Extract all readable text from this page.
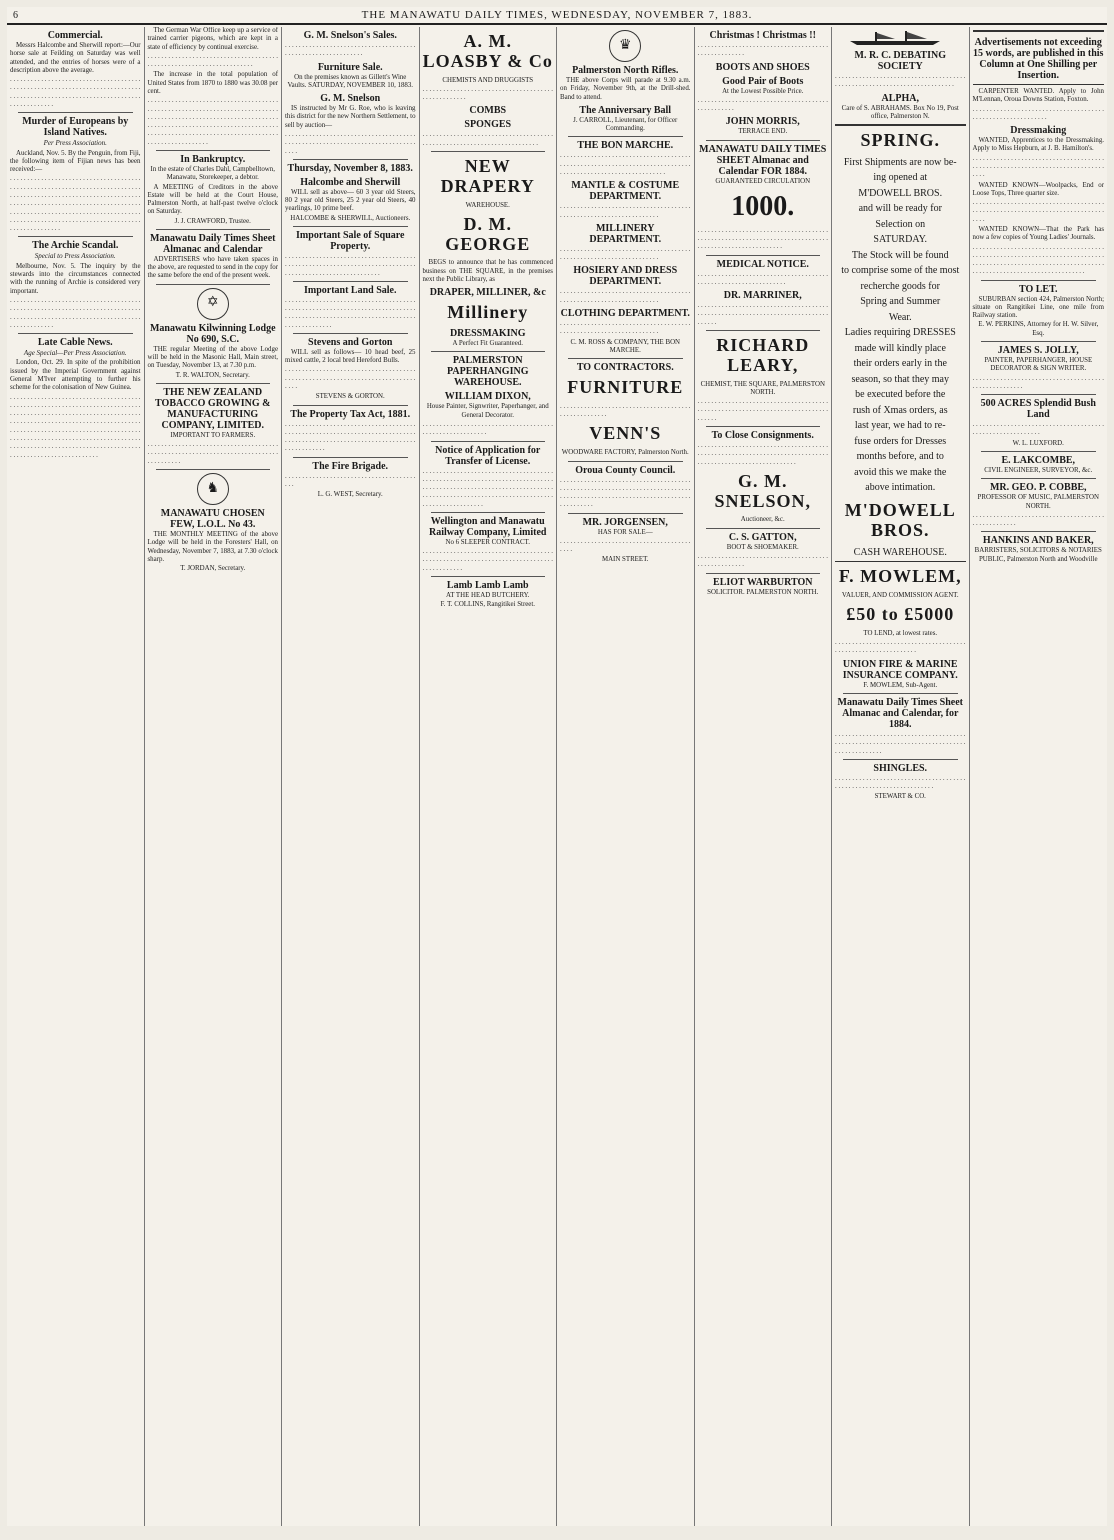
6	THE MANAWATU DAILY TIMES, WEDNESDAY, NOVEMBER 7, 1883.
Commercial.
Messrs Halcombe and Sherwill report:—Our horse sale at Feilding on Saturday was well attended, and the entries of horses were of a description above the average.
. . . . . . . . . . . . . . . . . . . . . . . . . . . . . . . . . . . . . . . . . . . . . . . . . . . . . . . . . . . . . . . . . . . . . . . . . . . . . . . . . . . . . . . . . . . . . . . . . . . . . . . . . . . . . . . . . . . . . . . . . . . . . . .
Murder of Europeans by Island Natives.
Per Press Association.
Auckland, Nov. 5. By the Penguin, from Fiji, the following item of Fijian news has been received:—
. . . . . . . . . . . . . . . . . . . . . . . . . . . . . . . . . . . . . . . . . . . . . . . . . . . . . . . . . . . . . . . . . . . . . . . . . . . . . . . . . . . . . . . . . . . . . . . . . . . . . . . . . . . . . . . . . . . . . . . . . . . . . . . . . . . . . . . . . . . . . . . . . . . . . . . . . . . . . . . . . . . . . . . . . . . . . . . . . . . . . . . . . . . . . . . . . . . . . . . . . . . . . . . . . . . . . . . . . . . . . . . . . . . . . . . . . . . . . . . . . . .
The Archie Scandal.
Special to Press Association.
Melbourne, Nov. 5. The inquiry by the stewards into the circumstances connected with the running of Archie is considered very important.
. . . . . . . . . . . . . . . . . . . . . . . . . . . . . . . . . . . . . . . . . . . . . . . . . . . . . . . . . . . . . . . . . . . . . . . . . . . . . . . . . . . . . . . . . . . . . . . . . . . . . . . . . . . . . . . . . . . . . . . . . . . . . . .
Late Cable News.
Age Special—Per Press Association.
London, Oct. 29. In spite of the prohibition issued by the Imperial Government against General M'Iver attempting to further his scheme for the colonisation of New Guinea.
. . . . . . . . . . . . . . . . . . . . . . . . . . . . . . . . . . . . . . . . . . . . . . . . . . . . . . . . . . . . . . . . . . . . . . . . . . . . . . . . . . . . . . . . . . . . . . . . . . . . . . . . . . . . . . . . . . . . . . . . . . . . . . . . . . . . . . . . . . . . . . . . . . . . . . . . . . . . . . . . . . . . . . . . . . . . . . . . . . . . . . . . . . . . . . . . . . . . . . . . . . . . . . . . . . . . . . . . . . . . . . . . . . . . . . . . . . . . . . . . . . . . . . . . . . . . . . . . . . . . . . . . . . . . . . . . . . . . . . . . . . . . . . . . . . . .
The German War Office keep up a service of trained carrier pigeons, which are kept in a state of efficiency by continual exercise.
. . . . . . . . . . . . . . . . . . . . . . . . . . . . . . . . . . . . . . . . . . . . . . . . . . . . . . . . . . . . . . . . . . . . .
The increase in the total population of United States from 1870 to 1880 was 30.08 per cent.
. . . . . . . . . . . . . . . . . . . . . . . . . . . . . . . . . . . . . . . . . . . . . . . . . . . . . . . . . . . . . . . . . . . . . . . . . . . . . . . . . . . . . . . . . . . . . . . . . . . . . . . . . . . . . . . . . . . . . . . . . . . . . . . . . . . . . . . . . . . . . . . . . . . . . . . . . . . . . . . . . . . . . . . . . . . . . . . . . . . . . . . . . . . . . . . . . . . . . . . . . . . . . . . .
In Bankruptcy.
In the estate of Charles Dahl, Campbelltown, Manawatu, Storekeeper, a debtor.
A MEETING of Creditors in the above Estate will be held at the Court House, Palmerston North, at half-past twelve o'clock on Saturday.
J. J. CRAWFORD, Trustee.
Manawatu Daily Times Sheet Almanac and Calendar
ADVERTISERS who have taken spaces in the above, are requested to send in the copy for the same before the end of the present week.
✡
Manawatu Kilwinning Lodge No 690, S.C.
THE regular Meeting of the above Lodge will be held in the Masonic Hall, Main street, on Tuesday, November 13, at 7.30 p.m.
T. R. WALTON, Secretary.
THE NEW ZEALAND TOBACCO GROWING & MANUFACTURING COMPANY, LIMITED.
IMPORTANT TO FARMERS.
. . . . . . . . . . . . . . . . . . . . . . . . . . . . . . . . . . . . . . . . . . . . . . . . . . . . . . . . . . . . . . . . . . . . . . . . . . . . . . . . . . . . . .
♞
MANAWATU CHOSEN FEW, L.O.L. No 43.
THE MONTHLY MEETING of the above Lodge will be held in the Foresters' Hall, on Wednesday, November 7, 1883, at 7.30 o'clock sharp.
T. JORDAN, Secretary.
G. M. Snelson's Sales.
. . . . . . . . . . . . . . . . . . . . . . . . . . . . . . . . . . . . . . . . . . . . . . . . . . . . . . . . . . . . .
Furniture Sale.
On the premises known as Gillett's Wine Vaults. SATURDAY, NOVEMBER 10, 1883.
G. M. Snelson
IS instructed by Mr G. Roe, who is leaving this district for the new Northern Settlement, to sell by auction—
. . . . . . . . . . . . . . . . . . . . . . . . . . . . . . . . . . . . . . . . . . . . . . . . . . . . . . . . . . . . . . . . . . . . . . . . . . . . . . . .
Thursday, November 8, 1883.
Halcombe and Sherwill
WILL sell as above— 60 3 year old Steers, 80 2 year old Steers, 25 2 year old Steers, 40 yearlings, 10 prime beef.
HALCOMBE & SHERWILL, Auctioneers.
Important Sale of Square Property.
. . . . . . . . . . . . . . . . . . . . . . . . . . . . . . . . . . . . . . . . . . . . . . . . . . . . . . . . . . . . . . . . . . . . . . . . . . . . . . . . . . . . . . . . . . . . . . . . . . . . . . . .
Important Land Sale.
. . . . . . . . . . . . . . . . . . . . . . . . . . . . . . . . . . . . . . . . . . . . . . . . . . . . . . . . . . . . . . . . . . . . . . . . . . . . . . . . . . . . . . . . . . . . . . . . . . . . . . . . . . . . . . . . . . . . . . . . . . . . . . . .
Stevens and Gorton
WILL sell as follows— 10 head beef, 25 mixed cattle, 2 local bred Hereford Bulls.
. . . . . . . . . . . . . . . . . . . . . . . . . . . . . . . . . . . . . . . . . . . . . . . . . . . . . . . . . . . . . . . . . . . . . . . . . . . . . . . .
STEVENS & GORTON.
The Property Tax Act, 1881.
. . . . . . . . . . . . . . . . . . . . . . . . . . . . . . . . . . . . . . . . . . . . . . . . . . . . . . . . . . . . . . . . . . . . . . . . . . . . . . . . . . . . . . . . . . . . . . . . . . . . . . . . . . . . . . . . . . . . . . . . . . . . . .
The Fire Brigade.
. . . . . . . . . . . . . . . . . . . . . . . . . . . . . . . . . . . . . . . . .
L. G. WEST, Secretary.
A. M. LOASBY & Co
CHEMISTS AND DRUGGISTS
. . . . . . . . . . . . . . . . . . . . . . . . . . . . . . . . . . . . . . . . . . . . . . . . . . .
COMBS
SPONGES
. . . . . . . . . . . . . . . . . . . . . . . . . . . . . . . . . . . . . . . . . . . . . . . . . . . . . . . . . . . . . . . . . . . . . . . .
NEW DRAPERY
WAREHOUSE.
D. M. GEORGE
BEGS to announce that he has commenced business on THE SQUARE, in the premises next the Public Library, as
DRAPER, MILLINER, &c
Millinery
DRESSMAKING
A Perfect Fit Guaranteed.
PALMERSTON PAPERHANGING WAREHOUSE.
WILLIAM DIXON,
House Painter, Signwriter, Paperhanger, and General Decorator.
. . . . . . . . . . . . . . . . . . . . . . . . . . . . . . . . . . . . . . . . . . . . . . . . . . . . . . . . .
Notice of Application for Transfer of License.
. . . . . . . . . . . . . . . . . . . . . . . . . . . . . . . . . . . . . . . . . . . . . . . . . . . . . . . . . . . . . . . . . . . . . . . . . . . . . . . . . . . . . . . . . . . . . . . . . . . . . . . . . . . . . . . . . . . . . . . . . . . . . . . . . . . . . . . . . . . . . . . . . . . . . . . . . . . . . . . . . . . . . . . . . .
Wellington and Manawatu Railway Company, Limited
No 6 SLEEPER CONTRACT.
. . . . . . . . . . . . . . . . . . . . . . . . . . . . . . . . . . . . . . . . . . . . . . . . . . . . . . . . . . . . . . . . . . . . . . . . . . . . . . . . . . . . . . . .
Lamb Lamb Lamb
AT THE HEAD BUTCHERY.
F. T. COLLINS, Rangitikei Street.
♛
Palmerston North Rifles.
THE above Corps will parade at 9.30 a.m. on Friday, November 9th, at the Drill-shed. Band to attend.
The Anniversary Ball
J. CARROLL, Lieutenant, for Officer Commanding.
THE BON MARCHE.
. . . . . . . . . . . . . . . . . . . . . . . . . . . . . . . . . . . . . . . . . . . . . . . . . . . . . . . . . . . . . . . . . . . . . . . . . . . . . . . . . . . . . . . . . . . . . . . . . . . . . . . . . . .
MANTLE & COSTUME DEPARTMENT.
. . . . . . . . . . . . . . . . . . . . . . . . . . . . . . . . . . . . . . . . . . . . . . . . . . . . . . . . . . . . . . . . . . .
MILLINERY DEPARTMENT.
. . . . . . . . . . . . . . . . . . . . . . . . . . . . . . . . . . . . . . . . . . . . . . . . . . . . . . . . . . . . . . . . . . .
HOSIERY AND DRESS DEPARTMENT.
. . . . . . . . . . . . . . . . . . . . . . . . . . . . . . . . . . . . . . . . . . . . . . . . . . . . . . . . . . . . . . . . . . .
CLOTHING DEPARTMENT.
. . . . . . . . . . . . . . . . . . . . . . . . . . . . . . . . . . . . . . . . . . . . . . . . . . . . . . . . . . . . . . . . . . .
C. M. ROSS & COMPANY, THE BON MARCHE.
TO CONTRACTORS.
FURNITURE
. . . . . . . . . . . . . . . . . . . . . . . . . . . . . . . . . . . . . . . . . . . . . . . . . . . .
VENN'S
WOODWARE FACTORY, Palmerston North.
Oroua County Council.
. . . . . . . . . . . . . . . . . . . . . . . . . . . . . . . . . . . . . . . . . . . . . . . . . . . . . . . . . . . . . . . . . . . . . . . . . . . . . . . . . . . . . . . . . . . . . . . . . . . . . . . . . . . . . . . . . . . . . . . . . . . .
MR. JORGENSEN,
HAS FOR SALE—
. . . . . . . . . . . . . . . . . . . . . . . . . . . . . . . . . . . . . . . . . .
MAIN STREET.
Christmas ! Christmas !!
. . . . . . . . . . . . . . . . . . . . . . . . . . . . . . . . . . . . . . . . . . . . . . . . . . . .
BOOTS AND SHOES
Good Pair of Boots
At the Lowest Possible Price.
. . . . . . . . . . . . . . . . . . . . . . . . . . . . . . . . . . . . . . . . . . . . . . . . .
JOHN MORRIS,
TERRACE END.
MANAWATU DAILY TIMES SHEET Almanac and Calendar FOR 1884.
GUARANTEED CIRCULATION
1000.
. . . . . . . . . . . . . . . . . . . . . . . . . . . . . . . . . . . . . . . . . . . . . . . . . . . . . . . . . . . . . . . . . . . . . . . . . . . . . . . . . . . . . . . . . . . . . . . . . . . . .
MEDICAL NOTICE.
. . . . . . . . . . . . . . . . . . . . . . . . . . . . . . . . . . . . . . . . . . . . . . . . . . . . . . . . . . . . . . . .
DR. MARRINER,
. . . . . . . . . . . . . . . . . . . . . . . . . . . . . . . . . . . . . . . . . . . . . . . . . . . . . . . . . . . . . . . . . . . . . . . . . . . . . . . . . .
RICHARD LEARY,
CHEMIST, THE SQUARE, PALMERSTON NORTH.
. . . . . . . . . . . . . . . . . . . . . . . . . . . . . . . . . . . . . . . . . . . . . . . . . . . . . . . . . . . . . . . . . . . . . . . . . . . . . . . . . .
To Close Consignments.
. . . . . . . . . . . . . . . . . . . . . . . . . . . . . . . . . . . . . . . . . . . . . . . . . . . . . . . . . . . . . . . . . . . . . . . . . . . . . . . . . . . . . . . . . . . . . . . . . . . . . . . . .
G. M. SNELSON,
Auctioneer, &c.
C. S. GATTON,
BOOT & SHOEMAKER.
. . . . . . . . . . . . . . . . . . . . . . . . . . . . . . . . . . . . . . . . . . . . . . . . . . . .
ELIOT WARBURTON
SOLICITOR. PALMERSTON NORTH.
M. R. C. DEBATING SOCIETY
. . . . . . . . . . . . . . . . . . . . . . . . . . . . . . . . . . . . . . . . . . . . . . . . . . . . . . . . . . . . . . . . . . . . . . . . .
ALPHA,
Care of S. ABRAHAMS. Box No 19, Post office, Palmerston N.
SPRING.
First Shipments are now be-
ing opened at
M'DOWELL BROS.
and will be ready for
Selection on
SATURDAY.
The Stock will be found
to comprise some of the most
recherche goods for
Spring and Summer
Wear.
Ladies requiring DRESSES
made will kindly place
their orders early in the
season, so that they may
be executed before the
rush of Xmas orders, as
last year, we had to re-
fuse orders for Dresses
months before, and to
avoid this we make the
above intimation.
M'DOWELL BROS.
CASH WAREHOUSE.
F. MOWLEM,
VALUER, AND COMMISSION AGENT.
£50 to £5000
TO LEND, at lowest rates.
. . . . . . . . . . . . . . . . . . . . . . . . . . . . . . . . . . . . . . . . . . . . . . . . . . . . . . . . . . . . . .
UNION FIRE & MARINE INSURANCE COMPANY.
F. MOWLEM, Sub-Agent.
Manawatu Daily Times Sheet Almanac and Calendar, for 1884.
. . . . . . . . . . . . . . . . . . . . . . . . . . . . . . . . . . . . . . . . . . . . . . . . . . . . . . . . . . . . . . . . . . . . . . . . . . . . . . . . . . . . . . . . . .
SHINGLES.
. . . . . . . . . . . . . . . . . . . . . . . . . . . . . . . . . . . . . . . . . . . . . . . . . . . . . . . . . . . . . . . . . . .
STEWART & CO.
Advertisements not exceeding 15 words, are published in this Column at One Shilling per Insertion.
CARPENTER WANTED. Apply to John M'Lennan, Oroua Downs Station, Foxton.
. . . . . . . . . . . . . . . . . . . . . . . . . . . . . . . . . . . . . . . . . . . . . . . . . . . . . . . . . . . .
Dressmaking
WANTED, Apprentices to the Dressmaking. Apply to Miss Hepburn, at J. B. Hamilton's.
. . . . . . . . . . . . . . . . . . . . . . . . . . . . . . . . . . . . . . . . . . . . . . . . . . . . . . . . . . . . . . . . . . . . . . . . . . . . . . . .
WANTED KNOWN—Woolpacks, End or Loose Tops, Three quarter size.
. . . . . . . . . . . . . . . . . . . . . . . . . . . . . . . . . . . . . . . . . . . . . . . . . . . . . . . . . . . . . . . . . . . . . . . . . . . . . . . .
WANTED KNOWN—That the Park has now a few copies of Young Ladies' Journals.
. . . . . . . . . . . . . . . . . . . . . . . . . . . . . . . . . . . . . . . . . . . . . . . . . . . . . . . . . . . . . . . . . . . . . . . . . . . . . . . . . . . . . . . . . . . . . . . . . . . . . . . . . . . . . . . . . . . . . . . . . . . . . . . . . . . . . . . . . . . . . . . . . . .
TO LET.
SUBURBAN section 424, Palmerston North; situate on Rangitikei Line, one mile from Railway station.
E. W. PERKINS, Attorney for H. W. Silver, Esq.
JAMES S. JOLLY,
PAINTER, PAPERHANGER, HOUSE DECORATOR & SIGN WRITER.
. . . . . . . . . . . . . . . . . . . . . . . . . . . . . . . . . . . . . . . . . . . . . . . . . . . . .
500 ACRES Splendid Bush Land
. . . . . . . . . . . . . . . . . . . . . . . . . . . . . . . . . . . . . . . . . . . . . . . . . . . . . . . . . .
W. L. LUXFORD.
E. LAKCOMBE,
CIVIL ENGINEER, SURVEYOR, &c.
MR. GEO. P. COBBE,
PROFESSOR OF MUSIC, PALMERSTON NORTH.
. . . . . . . . . . . . . . . . . . . . . . . . . . . . . . . . . . . . . . . . . . . . . . . . . . .
HANKINS AND BAKER,
BARRISTERS, SOLICITORS & NOTARIES PUBLIC, Palmerston North and Woodville
